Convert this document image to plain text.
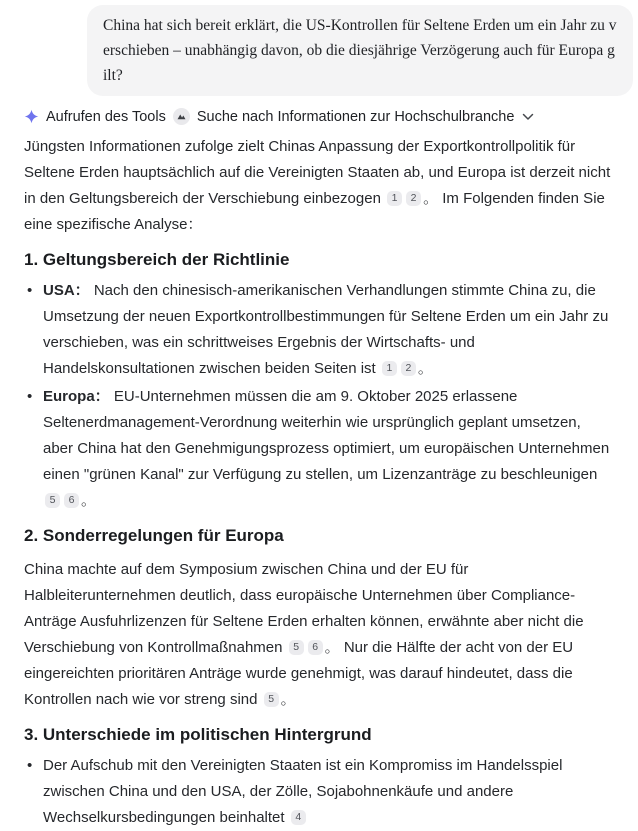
China hat sich bereit erklärt, die US-Kontrollen für Seltene Erden um ein Jahr zu verschieben – unabhängig davon, ob die diesjährige Verzögerung auch für Europa gilt?
Aufrufen des Tools Suche nach Informationen zur Hochschulbranche

Jüngsten Informationen zufolge zielt Chinas Anpassung der Exportkontrollpolitik für Seltene Erden hauptsächlich auf die Vereinigten Staaten ab, und Europa ist derzeit nicht in den Geltungsbereich der Verschiebung einbezogen 1 2 。 Im Folgenden finden Sie eine spezifische Analyse：

1. Geltungsbereich der Richtlinie
• USA： Nach den chinesisch-amerikanischen Verhandlungen stimmte China zu, die Umsetzung der neuen Exportkontrollbestimmungen für Seltene Erden um ein Jahr zu verschieben, was ein schrittweises Ergebnis der Wirtschafts- und Handelskonsultationen zwischen beiden Seiten ist 1 2 。
• Europa： EU-Unternehmen müssen die am 9. Oktober 2025 erlassene Seltenerdmanagement-Verordnung weiterhin wie ursprünglich geplant umsetzen, aber China hat den Genehmigungsprozess optimiert, um europäischen Unternehmen einen "grünen Kanal" zur Verfügung zu stellen, um Lizenzanträge zu beschleunigen 5 6 。
2. Sonderregelungen für Europa

China machte auf dem Symposium zwischen China und der EU für Halbleiterunternehmen deutlich, dass europäische Unternehmen über Compliance-Anträge Ausfuhrlizenzen für Seltene Erden erhalten können, erwähnte aber nicht die Verschiebung von Kontrollmaßnahmen 5 6 。 Nur die Hälfte der acht von der EU eingereichten prioritären Anträge wurde genehmigt, was darauf hindeutet, dass die Kontrollen nach wie vor streng sind 5 。

3. Unterschiede im politischen Hintergrund
• Der Aufschub mit den Vereinigten Staaten ist ein Kompromiss im Handelsspiel zwischen China und den USA, der Zölle, Sojabohnenkäufe und andere Wechselkursbedingungen beinhaltet 4
